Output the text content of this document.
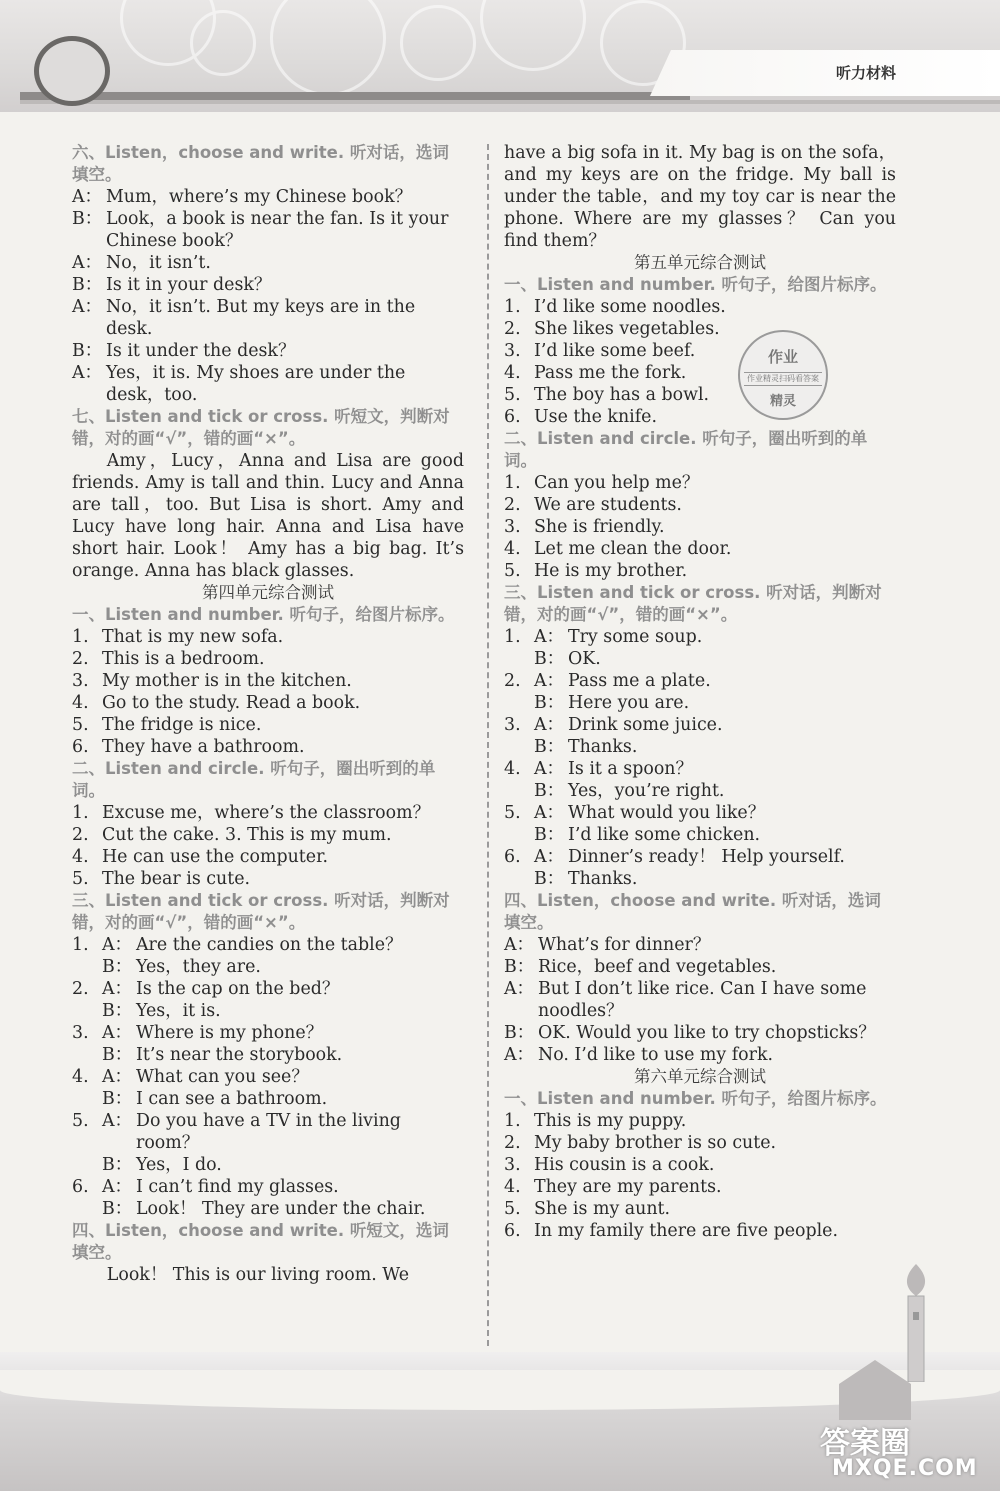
听力材料
六、Listen，choose and write. 听对话，选词填空。
A： Mum，where’s my Chinese book？
B： Look，a book is near the fan. Is it your Chinese book？
A： No，it isn’t.
B： Is it in your desk？
A： No，it isn’t. But my keys are in the desk.
B： Is it under the desk？
A： Yes，it is. My shoes are under the desk，too.
七、Listen and tick or cross. 听短文，判断对错，对的画“√”，错的画“×”。
Amy，Lucy，Anna and Lisa are good friends. Amy is tall and thin. Lucy and Anna are tall，too. But Lisa is short. Amy and Lucy have long hair. Anna and Lisa have short hair. Look！ Amy has a big bag. It’s orange. Anna has black glasses.
第四单元综合测试
一、Listen and number. 听句子，给图片标序。
1. That is my new sofa.
2. This is a bedroom.
3. My mother is in the kitchen.
4. Go to the study. Read a book.
5. The fridge is nice.
6. They have a bathroom.
二、Listen and circle. 听句子，圈出听到的单词。
1. Excuse me，where’s the classroom？
2. Cut the cake. 3. This is my mum.
4. He can use the computer.
5. The bear is cute.
三、Listen and tick or cross. 听对话，判断对错，对的画“√”，错的画“×”。
1. A： Are the candies on the table？
B： Yes，they are.
2. A： Is the cap on the bed？
B： Yes，it is.
3. A： Where is my phone？
B： It’s near the storybook.
4. A： What can you see？
B： I can see a bathroom.
5. A： Do you have a TV in the living room？
B： Yes，I do.
6. A： I can’t find my glasses.
B： Look！ They are under the chair.
四、Listen，choose and write. 听短文，选词填空。
Look！ This is our living room. We
have a big sofa in it. My bag is on the sofa，and my keys are on the fridge. My ball is under the table，and my toy car is near the phone. Where are my glasses？ Can you find them？
第五单元综合测试
一、Listen and number. 听句子，给图片标序。
1. I’d like some noodles.
2. She likes vegetables.
3. I’d like some beef.
4. Pass me the fork.
5. The boy has a bowl.
6. Use the knife.
二、Listen and circle. 听句子，圈出听到的单词。
1. Can you help me？
2. We are students.
3. She is friendly.
4. Let me clean the door.
5. He is my brother.
三、Listen and tick or cross. 听对话，判断对错，对的画“√”，错的画“×”。
1. A： Try some soup.
B： OK.
2. A： Pass me a plate.
B： Here you are.
3. A： Drink some juice.
B： Thanks.
4. A： Is it a spoon？
B： Yes，you’re right.
5. A： What would you like？
B： I’d like some chicken.
6. A： Dinner’s ready！ Help yourself.
B： Thanks.
四、Listen，choose and write. 听对话，选词填空。
A： What’s for dinner？
B： Rice，beef and vegetables.
A： But I don’t like rice. Can I have some noodles？
B： OK. Would you like to try chopsticks？
A： No. I’d like to use my fork.
第六单元综合测试
一、Listen and number. 听句子，给图片标序。
1. This is my puppy.
2. My baby brother is so cute.
3. His cousin is a cook.
4. They are my parents.
5. She is my aunt.
6. In my family there are five people.
作业
作业精灵扫码看答案
精灵
答案圈
MXQE.COM
